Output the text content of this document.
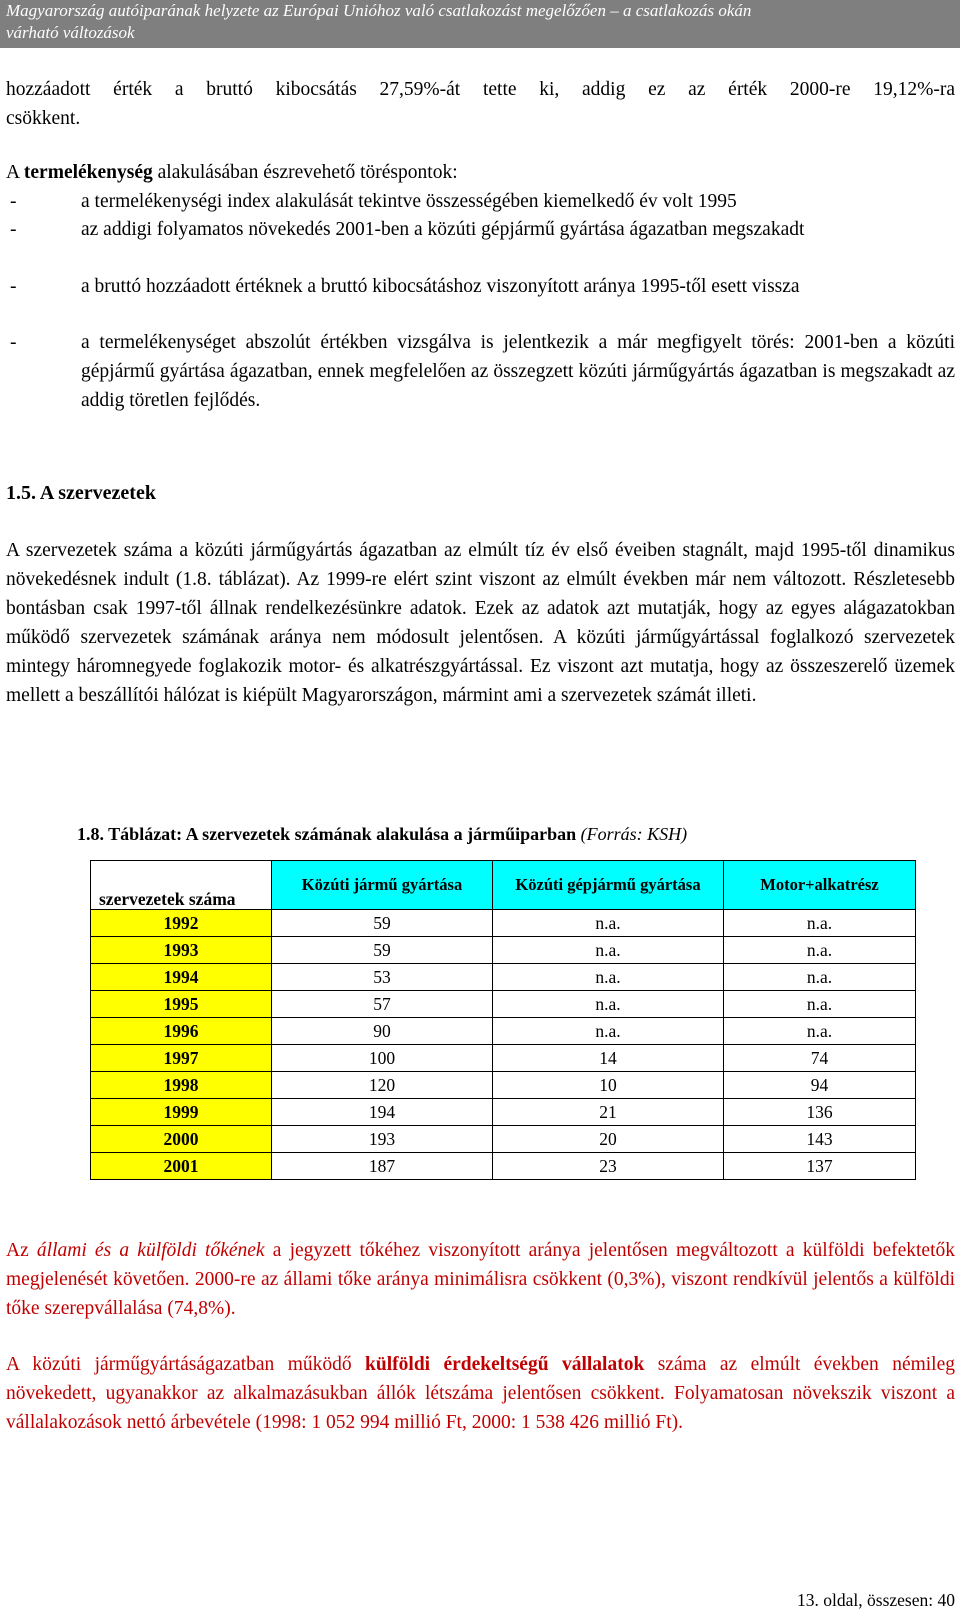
Magyarország autóiparának helyzete az Európai Unióhoz való csatlakozást megelőzően – a csatlakozás okán
várható változások
hozzáadott érték a bruttó kibocsátás 27,59%-át tette ki, addig ez az érték 2000-re 19,12%-ra
csökkent.
A termelékenység alakulásában észrevehető töréspontok:
-	a termelékenységi index alakulását tekintve összességében kiemelkedő év volt 1995
-	az addigi folyamatos növekedés 2001-ben a közúti gépjármű gyártása ágazatban megszakadt
-	a bruttó hozzáadott értéknek a bruttó kibocsátáshoz viszonyított aránya 1995-től esett vissza
-	a termelékenységet abszolút értékben vizsgálva is jelentkezik a már megfigyelt törés: 2001-ben a közúti gépjármű gyártása ágazatban, ennek megfelelően az összegzett közúti járműgyártás ágazatban is megszakadt az addig töretlen fejlődés.
1.5. A szervezetek
A szervezetek száma a közúti járműgyártás ágazatban az elmúlt tíz év első éveiben stagnált, majd 1995-től dinamikus növekedésnek indult (1.8. táblázat). Az 1999-re elért szint viszont az elmúlt években már nem változott. Részletesebb bontásban csak 1997-től állnak rendelkezésünkre adatok. Ezek az adatok azt mutatják, hogy az egyes alágazatokban működő szervezetek számának aránya nem módosult jelentősen. A közúti járműgyártással foglalkozó szervezetek mintegy háromnegyede foglakozik motor- és alkatrészgyártással. Ez viszont azt mutatja, hogy az összeszerelő üzemek mellett a beszállítói hálózat is kiépült Magyarországon, mármint ami a szervezetek számát illeti.
1.8. Táblázat: A szervezetek számának alakulása a járműiparban (Forrás: KSH)
szervezetek száma	Közúti jármű gyártása	Közúti gépjármű gyártása	Motor+alkatrész
1992	59	n.a.	n.a.
1993	59	n.a.	n.a.
1994	53	n.a.	n.a.
1995	57	n.a.	n.a.
1996	90	n.a.	n.a.
1997	100	14	74
1998	120	10	94
1999	194	21	136
2000	193	20	143
2001	187	23	137
Az állami és a külföldi tőkének a jegyzett tőkéhez viszonyított aránya jelentősen megváltozott a külföldi befektetők megjelenését követően. 2000-re az állami tőke aránya minimálisra csökkent (0,3%), viszont rendkívül jelentős a külföldi tőke szerepvállalása (74,8%).
A közúti járműgyártáságazatban működő külföldi érdekeltségű vállalatok száma az elmúlt években némileg növekedett, ugyanakkor az alkalmazásukban állók létszáma jelentősen csökkent. Folyamatosan növekszik viszont a vállalakozások nettó árbevétele (1998: 1 052 994 millió Ft, 2000: 1 538 426 millió Ft).
13. oldal, összesen: 40
